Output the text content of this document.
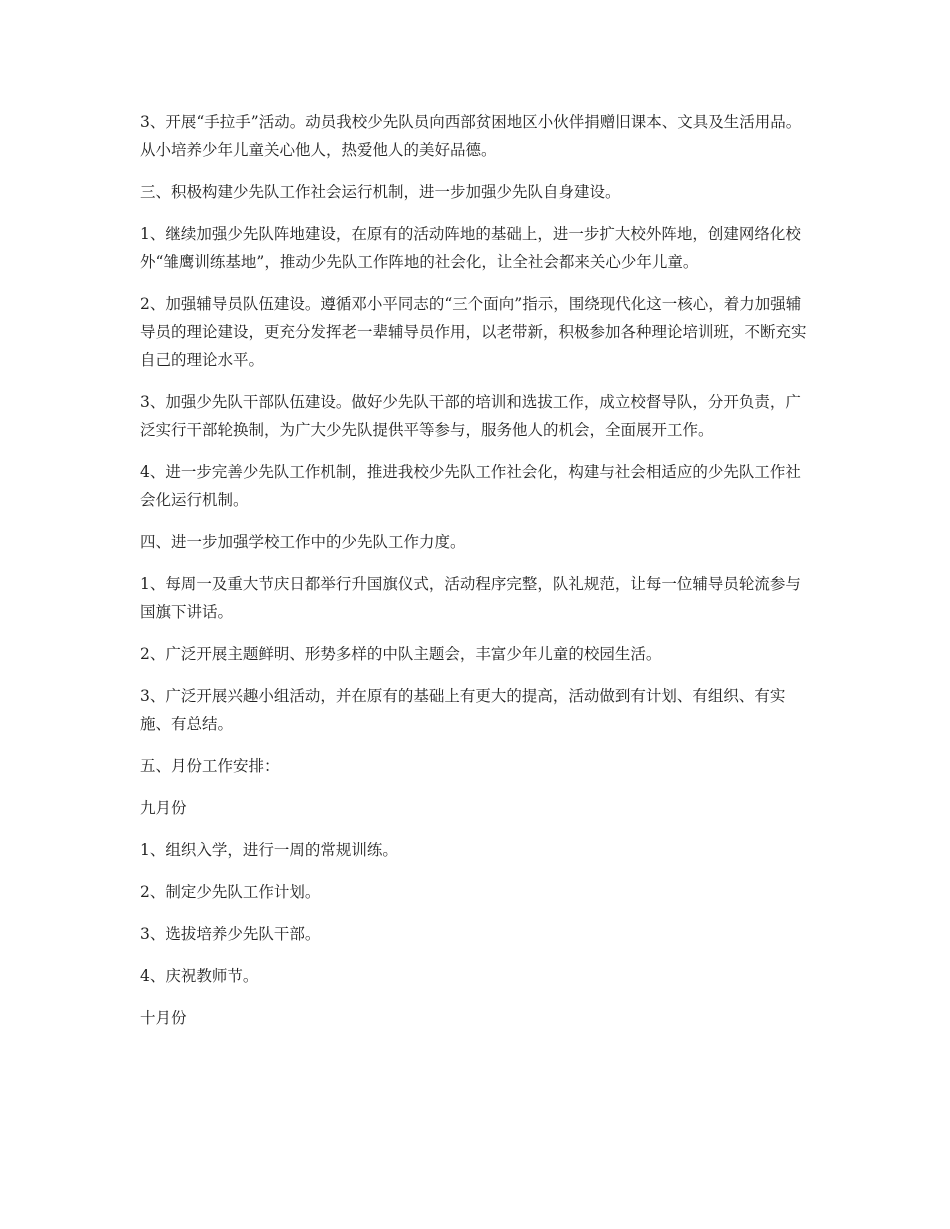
3、开展“手拉手”活动。动员我校少先队员向西部贫困地区小伙伴捐赠旧课本、文具及生活用品。从小培养少年儿童关心他人，热爱他人的美好品德。

三、积极构建少先队工作社会运行机制，进一步加强少先队自身建设。

1、继续加强少先队阵地建设，在原有的活动阵地的基础上，进一步扩大校外阵地，创建网络化校外“雏鹰训练基地”，推动少先队工作阵地的社会化，让全社会都来关心少年儿童。

2、加强辅导员队伍建设。遵循邓小平同志的“三个面向”指示，围绕现代化这一核心，着力加强辅导员的理论建设，更充分发挥老一辈辅导员作用，以老带新，积极参加各种理论培训班，不断充实自己的理论水平。

3、加强少先队干部队伍建设。做好少先队干部的培训和选拔工作，成立校督导队，分开负责，广泛实行干部轮换制，为广大少先队提供平等参与，服务他人的机会，全面展开工作。

4、进一步完善少先队工作机制，推进我校少先队工作社会化，构建与社会相适应的少先队工作社会化运行机制。

四、进一步加强学校工作中的少先队工作力度。

1、每周一及重大节庆日都举行升国旗仪式，活动程序完整，队礼规范，让每一位辅导员轮流参与国旗下讲话。

2、广泛开展主题鲜明、形势多样的中队主题会，丰富少年儿童的校园生活。

3、广泛开展兴趣小组活动，并在原有的基础上有更大的提高，活动做到有计划、有组织、有实施、有总结。

五、月份工作安排：

九月份

1、组织入学，进行一周的常规训练。

2、制定少先队工作计划。

3、选拔培养少先队干部。

4、庆祝教师节。

十月份
